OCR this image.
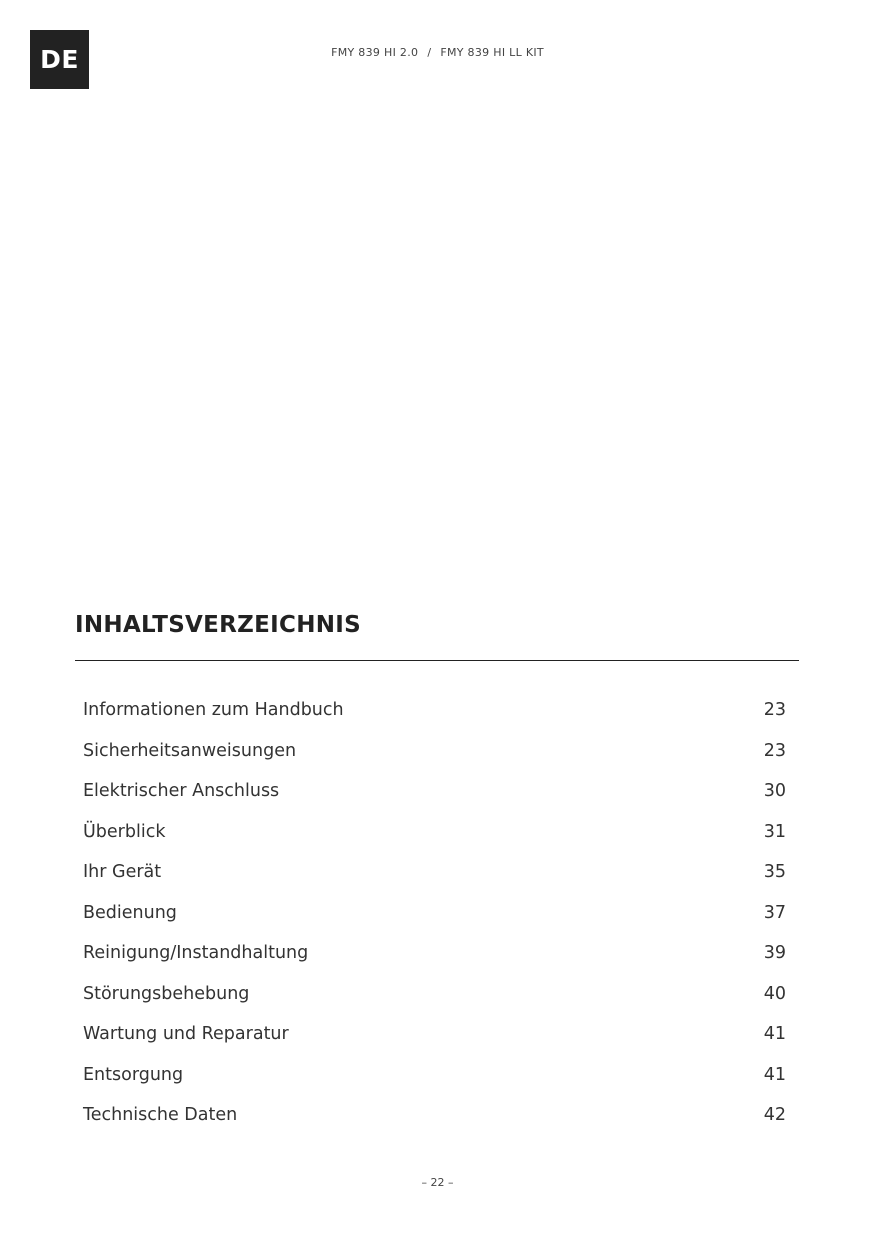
DE	FMY 839 HI 2.0 / FMY 839 HI LL KIT
INHALTSVERZEICHNIS
Informationen zum Handbuch	23
Sicherheitsanweisungen	23
Elektrischer Anschluss	30
Überblick	31
Ihr Gerät	35
Bedienung	37
Reinigung/Instandhaltung	39
Störungsbehebung	40
Wartung und Reparatur	41
Entsorgung	41
Technische Daten	42
– 22 –
